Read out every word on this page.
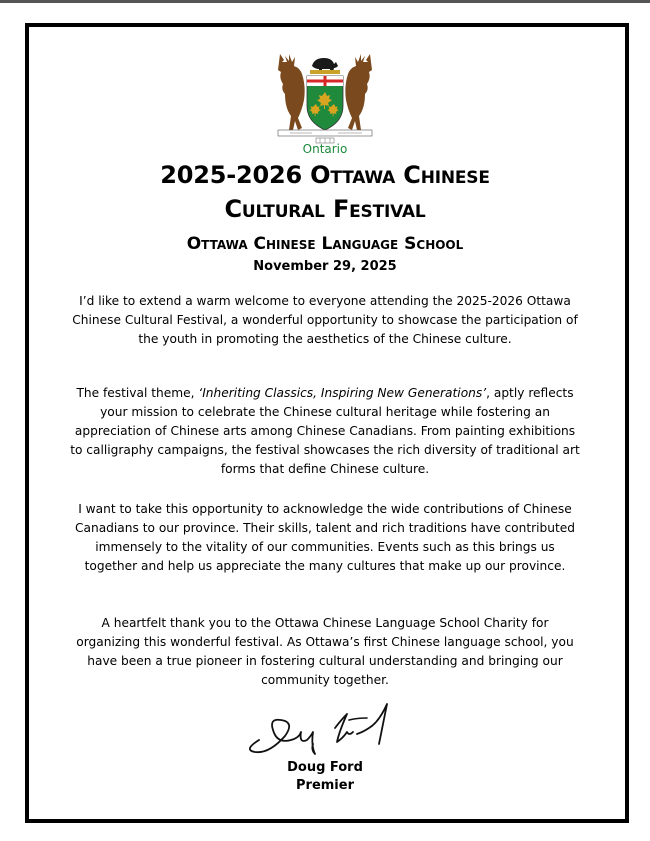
Ontario
2025-2026 Ottawa Chinese
Cultural Festival
Ottawa Chinese Language School
November 29, 2025
I’d like to extend a warm welcome to everyone attending the 2025-2026 Ottawa Chinese Cultural Festival, a wonderful opportunity to showcase the participation of the youth in promoting the aesthetics of the Chinese culture.
The festival theme, ‘Inheriting Classics, Inspiring New Generations’, aptly reflects your mission to celebrate the Chinese cultural heritage while fostering an appreciation of Chinese arts among Chinese Canadians. From painting exhibitions to calligraphy campaigns, the festival showcases the rich diversity of traditional art forms that define Chinese culture.
I want to take this opportunity to acknowledge the wide contributions of Chinese Canadians to our province. Their skills, talent and rich traditions have contributed immensely to the vitality of our communities. Events such as this brings us together and help us appreciate the many cultures that make up our province.
A heartfelt thank you to the Ottawa Chinese Language School Charity for organizing this wonderful festival. As Ottawa’s first Chinese language school, you have been a true pioneer in fostering cultural understanding and bringing our community together.
Doug Ford
Premier
